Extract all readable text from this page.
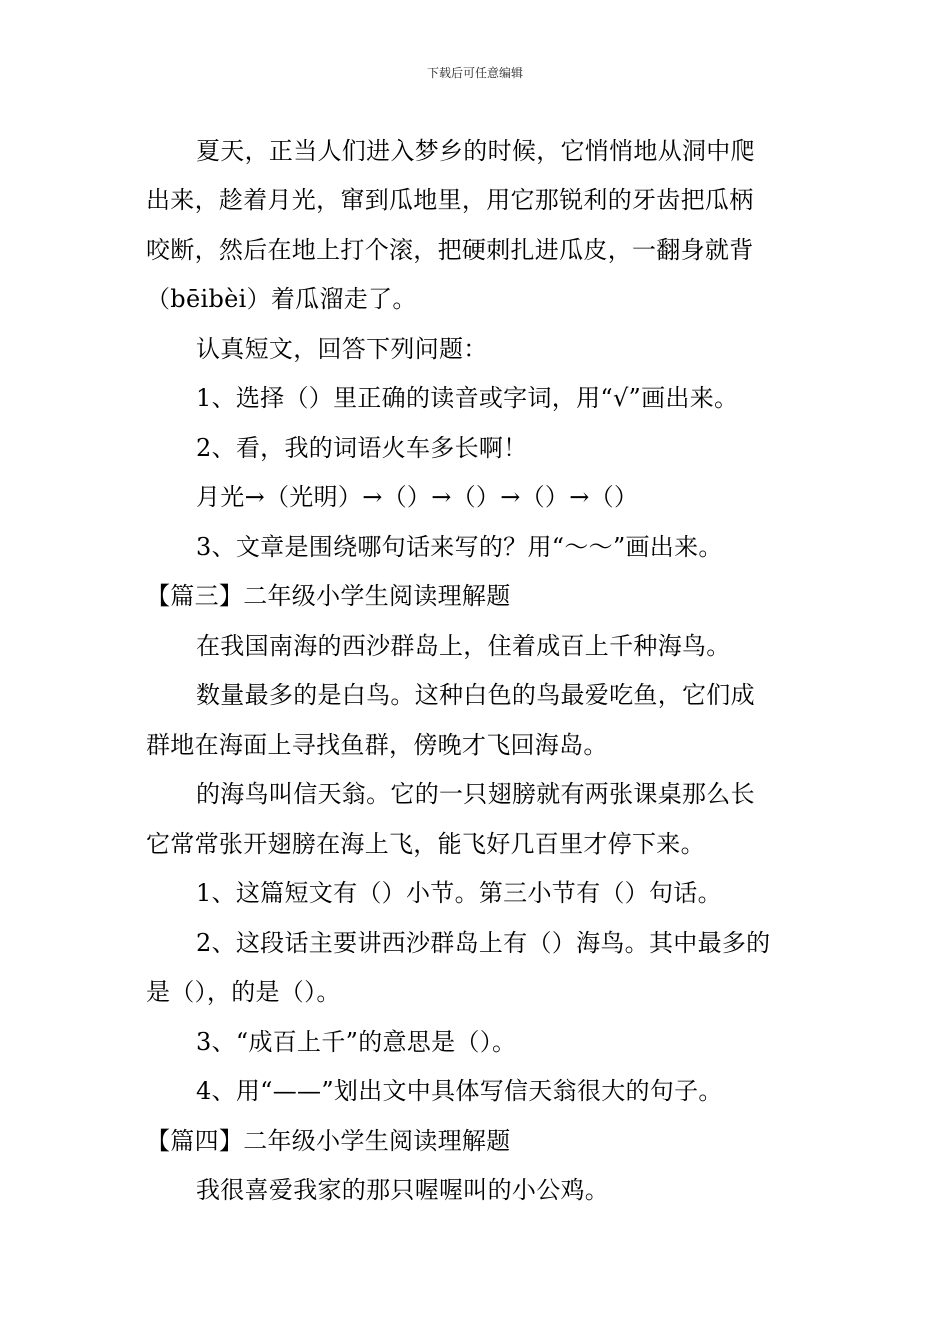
下载后可任意编辑
夏天，正当人们进入梦乡的时候，它悄悄地从洞中爬
出来，趁着月光，窜到瓜地里，用它那锐利的牙齿把瓜柄
咬断，然后在地上打个滚，把硬刺扎进瓜皮，一翻身就背
（bēibèi）着瓜溜走了。
认真短文，回答下列问题：
1、选择（）里正确的读音或字词，用“√”画出来。
2、看，我的词语火车多长啊！
月光→（光明）→（）→（）→（）→（）
3、文章是围绕哪句话来写的？用“～～”画出来。
【篇三】二年级小学生阅读理解题
在我国南海的西沙群岛上，住着成百上千种海鸟。
数量最多的是白鸟。这种白色的鸟最爱吃鱼，它们成
群地在海面上寻找鱼群，傍晚才飞回海岛。
的海鸟叫信天翁。它的一只翅膀就有两张课桌那么长
它常常张开翅膀在海上飞，能飞好几百里才停下来。
1、这篇短文有（）小节。第三小节有（）句话。
2、这段话主要讲西沙群岛上有（）海鸟。其中最多的
是（），的是（）。
3、“成百上千”的意思是（）。
4、用“——”划出文中具体写信天翁很大的句子。
【篇四】二年级小学生阅读理解题
我很喜爱我家的那只喔喔叫的小公鸡。
